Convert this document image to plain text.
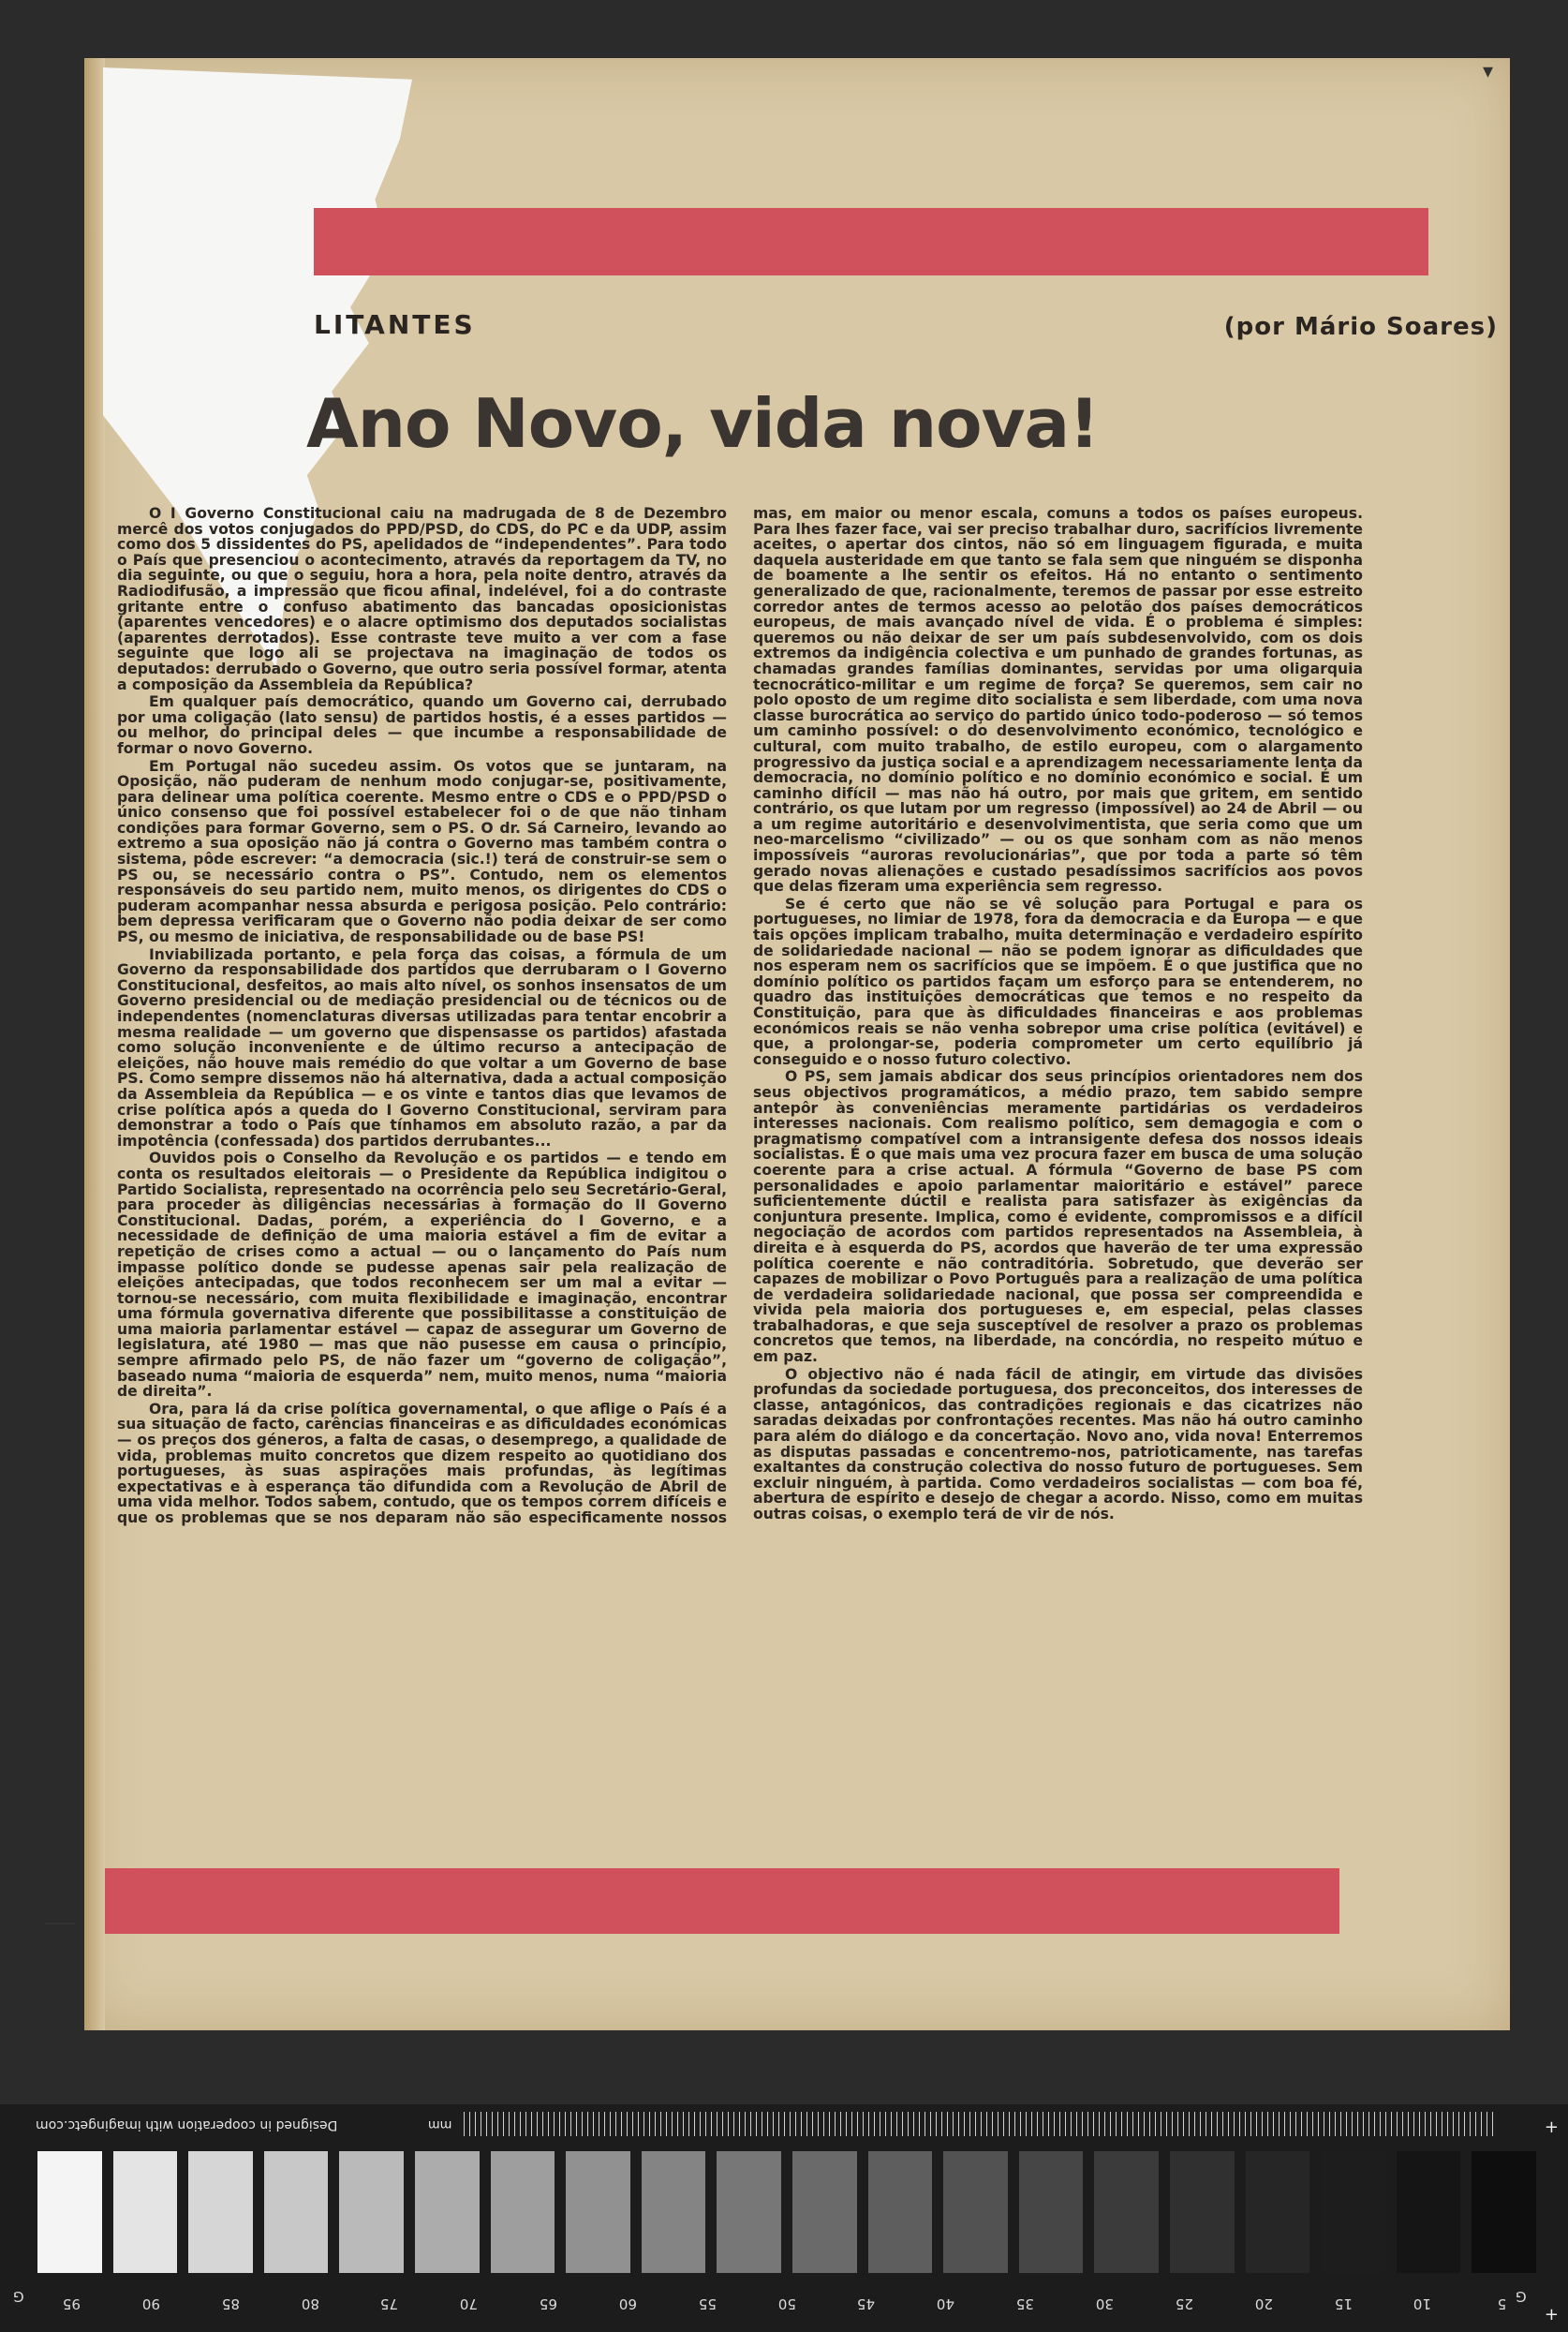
▾
LITANTES	(por Mário Soares)
Ano Novo, vida nova!

O I Governo Constitucional caiu na madrugada de 8 de Dezembro mercê dos votos conjugados do PPD/PSD, do CDS, do PC e da UDP, assim como dos 5 dissidentes do PS, apelidados de “independentes”. Para todo o País que presenciou o acontecimento, através da reportagem da TV, no dia seguinte, ou que o seguiu, hora a hora, pela noite dentro, através da Radiodifusão, a impressão que ficou afinal, indelével, foi a do contraste gritante entre o confuso abatimento das bancadas oposicionistas (aparentes vencedores) e o alacre optimismo dos deputados socialistas (aparentes derrotados). Esse contraste teve muito a ver com a fase seguinte que logo ali se projectava na imaginação de todos os deputados: derrubado o Governo, que outro seria possível formar, atenta a composição da Assembleia da República?

Em qualquer país democrático, quando um Governo cai, derrubado por uma coligação (lato sensu) de partidos hostis, é a esses partidos — ou melhor, do principal deles — que incumbe a responsabilidade de formar o novo Governo.

Em Portugal não sucedeu assim. Os votos que se juntaram, na Oposição, não puderam de nenhum modo conjugar-se, positivamente, para delinear uma política coerente. Mesmo entre o CDS e o PPD/PSD o único consenso que foi possível estabelecer foi o de que não tinham condições para formar Governo, sem o PS. O dr. Sá Carneiro, levando ao extremo a sua oposição não já contra o Governo mas também contra o sistema, pôde escrever: “a democracia (sic.!) terá de construir-se sem o PS ou, se necessário contra o PS”. Contudo, nem os elementos responsáveis do seu partido nem, muito menos, os dirigentes do CDS o puderam acompanhar nessa absurda e perigosa posição. Pelo contrário: bem depressa verificaram que o Governo não podia deixar de ser como PS, ou mesmo de iniciativa, de responsabilidade ou de base PS!

Inviabilizada portanto, e pela força das coisas, a fórmula de um Governo da responsabilidade dos partidos que derrubaram o I Governo Constitucional, desfeitos, ao mais alto nível, os sonhos insensatos de um Governo presidencial ou de mediação presidencial ou de técnicos ou de independentes (nomenclaturas diversas utilizadas para tentar encobrir a mesma realidade — um governo que dispensasse os partidos) afastada como solução inconveniente e de último recurso a antecipação de eleições, não houve mais remédio do que voltar a um Governo de base PS. Como sempre dissemos não há alternativa, dada a actual composição da Assembleia da República — e os vinte e tantos dias que levamos de crise política após a queda do I Governo Constitucional, serviram para demonstrar a todo o País que tínhamos em absoluto razão, a par da impotência (confessada) dos partidos derrubantes...

Ouvidos pois o Conselho da Revolução e os partidos — e tendo em conta os resultados eleitorais — o Presidente da República indigitou o Partido Socialista, representado na ocorrência pelo seu Secretário-Geral, para proceder às diligências necessárias à formação do II Governo Constitucional. Dadas, porém, a experiência do I Governo, e a necessidade de definição de uma maioria estável a fim de evitar a repetição de crises como a actual — ou o lançamento do País num impasse político donde se pudesse apenas sair pela realização de eleições antecipadas, que todos reconhecem ser um mal a evitar — tornou-se necessário, com muita flexibilidade e imaginação, encontrar uma fórmula governativa diferente que possibilitasse a constituição de uma maioria parlamentar estável — capaz de assegurar um Governo de legislatura, até 1980 — mas que não pusesse em causa o princípio, sempre afirmado pelo PS, de não fazer um “governo de coligação”, baseado numa “maioria de esquerda” nem, muito menos, numa “maioria de direita”.

Ora, para lá da crise política governamental, o que aflige o País é a sua situação de facto, carências financeiras e as dificuldades económicas — os preços dos géneros, a falta de casas, o desemprego, a qualidade de vida, problemas muito concretos que dizem respeito ao quotidiano dos portugueses, às suas aspirações mais profundas, às legítimas expectativas e à esperança tão difundida com a Revolução de Abril de uma vida melhor. Todos sabem, contudo, que os tempos correm difíceis e que os problemas que se nos deparam não são especificamente nossos mas, em maior ou menor escala, comuns a todos os países europeus. Para lhes fazer face, vai ser preciso trabalhar duro, sacrifícios livremente aceites, o apertar dos cintos, não só em linguagem figurada, e muita daquela austeridade em que tanto se fala sem que ninguém se disponha de boamente a lhe sentir os efeitos. Há no entanto o sentimento generalizado de que, racionalmente, teremos de passar por esse estreito corredor antes de termos acesso ao pelotão dos países democráticos europeus, de mais avançado nível de vida. É o problema é simples: queremos ou não deixar de ser um país subdesenvolvido, com os dois extremos da indigência colectiva e um punhado de grandes fortunas, as chamadas grandes famílias dominantes, servidas por uma oligarquia tecnocrático-militar e um regime de força? Se queremos, sem cair no polo oposto de um regime dito socialista e sem liberdade, com uma nova classe burocrática ao serviço do partido único todo-poderoso — só temos um caminho possível: o do desenvolvimento económico, tecnológico e cultural, com muito trabalho, de estilo europeu, com o alargamento progressivo da justiça social e a aprendizagem necessariamente lenta da democracia, no domínio político e no domínio económico e social. É um caminho difícil — mas não há outro, por mais que gritem, em sentido contrário, os que lutam por um regresso (impossível) ao 24 de Abril — ou a um regime autoritário e desenvolvimentista, que seria como que um neo-marcelismo “civilizado” — ou os que sonham com as não menos impossíveis “auroras revolucionárias”, que por toda a parte só têm gerado novas alienações e custado pesadíssimos sacrifícios aos povos que delas fizeram uma experiência sem regresso.

Se é certo que não se vê solução para Portugal e para os portugueses, no limiar de 1978, fora da democracia e da Europa — e que tais opções implicam trabalho, muita determinação e verdadeiro espírito de solidariedade nacional — não se podem ignorar as dificuldades que nos esperam nem os sacrifícios que se impõem. É o que justifica que no domínio político os partidos façam um esforço para se entenderem, no quadro das instituições democráticas que temos e no respeito da Constituição, para que às dificuldades financeiras e aos problemas económicos reais se não venha sobrepor uma crise política (evitável) e que, a prolongar-se, poderia comprometer um certo equilíbrio já conseguido e o nosso futuro colectivo.

O PS, sem jamais abdicar dos seus princípios orientadores nem dos seus objectivos programáticos, a médio prazo, tem sabido sempre antepôr às conveniências meramente partidárias os verdadeiros interesses nacionais. Com realismo político, sem demagogia e com o pragmatismo compatível com a intransigente defesa dos nossos ideais socialistas. É o que mais uma vez procura fazer em busca de uma solução coerente para a crise actual. A fórmula “Governo de base PS com personalidades e apoio parlamentar maioritário e estável” parece suficientemente dúctil e realista para satisfazer às exigências da conjuntura presente. Implica, como é evidente, compromissos e a difícil negociação de acordos com partidos representados na Assembleia, à direita e à esquerda do PS, acordos que haverão de ter uma expressão política coerente e não contraditória. Sobretudo, que deverão ser capazes de mobilizar o Povo Português para a realização de uma política de verdadeira solidariedade nacional, que possa ser compreendida e vivida pela maioria dos portugueses e, em especial, pelas classes trabalhadoras, e que seja susceptível de resolver a prazo os problemas concretos que temos, na liberdade, na concórdia, no respeito mútuo e em paz.

O objectivo não é nada fácil de atingir, em virtude das divisões profundas da sociedade portuguesa, dos preconceitos, dos interesses de classe, antagónicos, das contradições regionais e das cicatrizes não saradas deixadas por confrontações recentes. Mas não há outro caminho para além do diálogo e da concertação. Novo ano, vida nova! Enterremos as disputas passadas e concentremo-nos, patrioticamente, nas tarefas exaltantes da construção colectiva do nosso futuro de portugueses. Sem excluir ninguém, à partida. Como verdadeiros socialistas — com boa fé, abertura de espírito e desejo de chegar a acordo. Nisso, como em muitas outras coisas, o exemplo terá de vir de nós.

Designed in cooperation with imagingetc.com	mm	+
G	95	90	85	80	75	70	65	60	55	50	45	40	35	30	25	20	15	10	5 G
+
